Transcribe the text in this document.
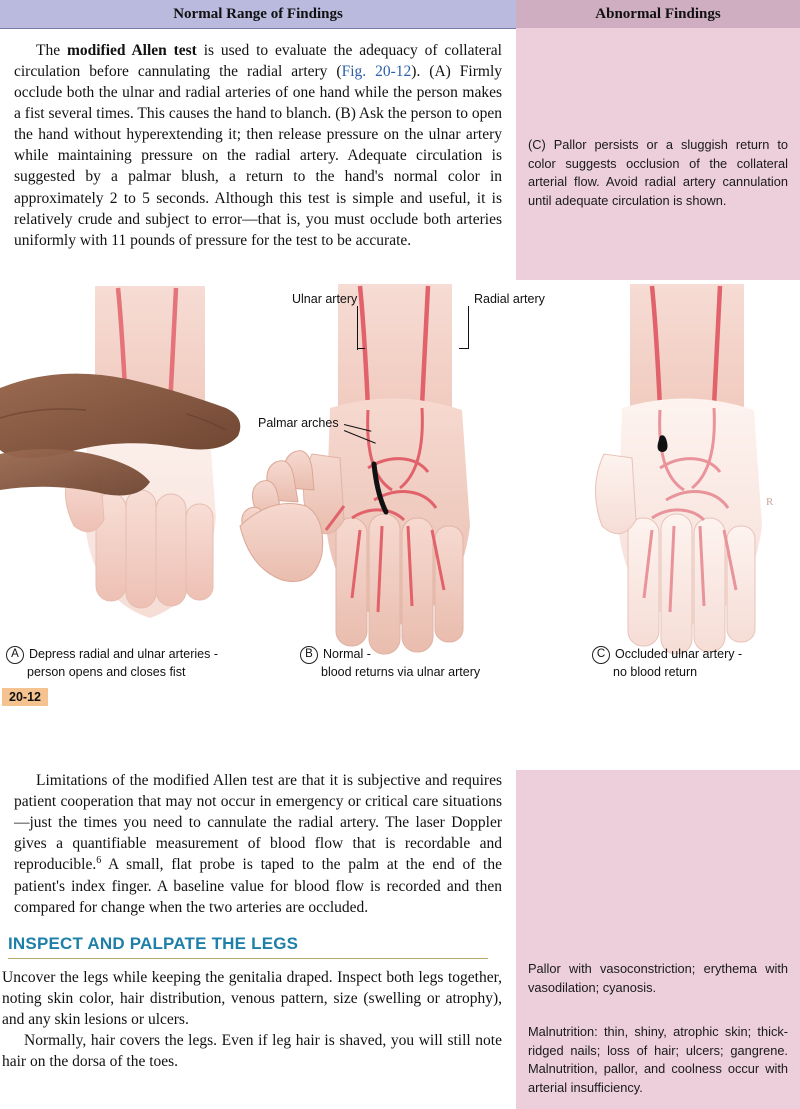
Normal Range of Findings	Abnormal Findings
(C) Pallor persists or a sluggish return to color suggests occlusion of the collateral arterial flow. Avoid radial artery cannulation until adequate circulation is shown.

The modified Allen test is used to evaluate the adequacy of collateral circulation before cannulating the radial artery (Fig. 20-12). (A) Firmly occlude both the ulnar and radial arteries of one hand while the person makes a fist several times. This causes the hand to blanch. (B) Ask the person to open the hand without hyperextending it; then release pressure on the ulnar artery while maintaining pressure on the radial artery. Adequate circulation is suggested by a palmar blush, a return to the hand's normal color in approximately 2 to 5 seconds. Although this test is simple and useful, it is relatively crude and subject to error—that is, you must occlude both arteries uniformly with 11 pounds of pressure for the test to be accurate.

Ulnar artery	Radial artery
Palmar arches
A Depress radial and ulnar arteries -
person opens and closes fist
B Normal -
blood returns via ulnar artery
C Occluded ulnar artery -
no blood return
20-12
R

Limitations of the modified Allen test are that it is subjective and requires patient cooperation that may not occur in emergency or critical care situations—just the times you need to cannulate the radial artery. The laser Doppler gives a quantifiable measurement of blood flow that is recordable and reproducible.$^6$ A small, flat probe is taped to the palm at the end of the patient's index finger. A baseline value for blood flow is recorded and then compared for change when the two arteries are occluded.

INSPECT AND PALPATE THE LEGS

Uncover the legs while keeping the genitalia draped. Inspect both legs together, noting skin color, hair distribution, venous pattern, size (swelling or atrophy), and any skin lesions or ulcers.

Normally, hair covers the legs. Even if leg hair is shaved, you will still note hair on the dorsa of the toes.

Pallor with vasoconstriction; erythema with vasodilation; cyanosis.
Malnutrition: thin, shiny, atrophic skin; thick-ridged nails; loss of hair; ulcers; gangrene. Malnutrition, pallor, and coolness occur with arterial insufficiency.
